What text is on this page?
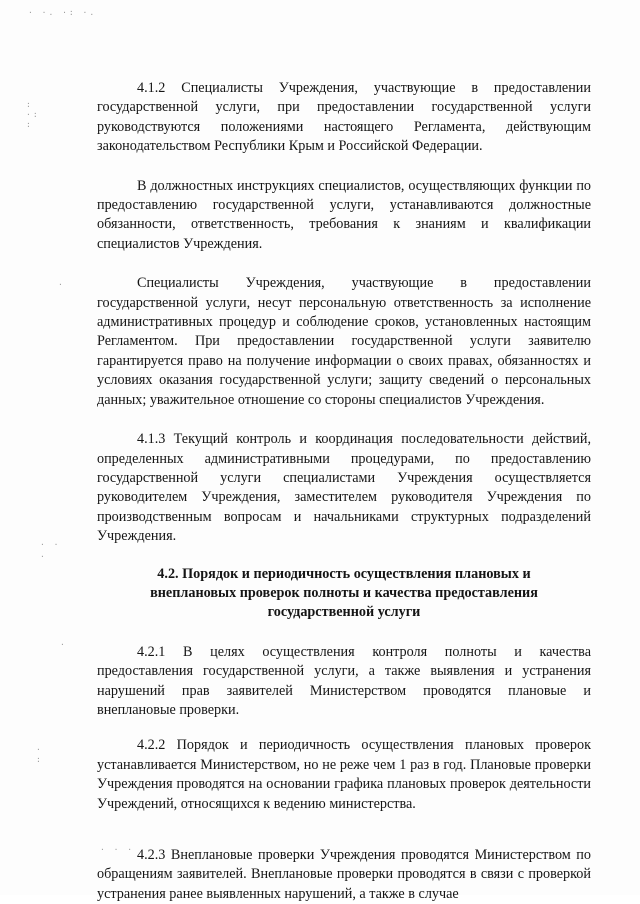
· ·. ·: ·.
:
·:
:
·
· ·
.
·
·
:
· · ·

4.1.2 Специалисты Учреждения, участвующие в предоставлении государственной услуги, при предоставлении государственной услуги руководствуются положениями настоящего Регламента, действующим законодательством Республики Крым и Российской Федерации.

В должностных инструкциях специалистов, осуществляющих функции по предоставлению государственной услуги, устанавливаются должностные обязанности, ответственность, требования к знаниям и квалификации специалистов Учреждения.

Специалисты Учреждения, участвующие в предоставлении государственной услуги, несут персональную ответственность за исполнение административных процедур и соблюдение сроков, установленных настоящим Регламентом. При предоставлении государственной услуги заявителю гарантируется право на получение информации о своих правах, обязанностях и условиях оказания государственной услуги; защиту сведений о персональных данных; уважительное отношение со стороны специалистов Учреждения.

4.1.3 Текущий контроль и координация последовательности действий, определенных административными процедурами, по предоставлению государственной услуги специалистами Учреждения осуществляется руководителем Учреждения, заместителем руководителя Учреждения по производственным вопросам и начальниками структурных подразделений Учреждения.

4.2. Порядок и периодичность осуществления плановых и
внеплановых проверок полноты и качества предоставления
государственной услуги

4.2.1 В целях осуществления контроля полноты и качества предоставления государственной услуги, а также выявления и устранения нарушений прав заявителей Министерством проводятся плановые и внеплановые проверки.

4.2.2 Порядок и периодичность осуществления плановых проверок устанавливается Министерством, но не реже чем 1 раз в год. Плановые проверки Учреждения проводятся на основании графика плановых проверок деятельности Учреждений, относящихся к ведению министерства.

4.2.3 Внеплановые проверки Учреждения проводятся Министерством по обращениям заявителей. Внеплановые проверки проводятся в связи с проверкой устранения ранее выявленных нарушений, а также в случае
